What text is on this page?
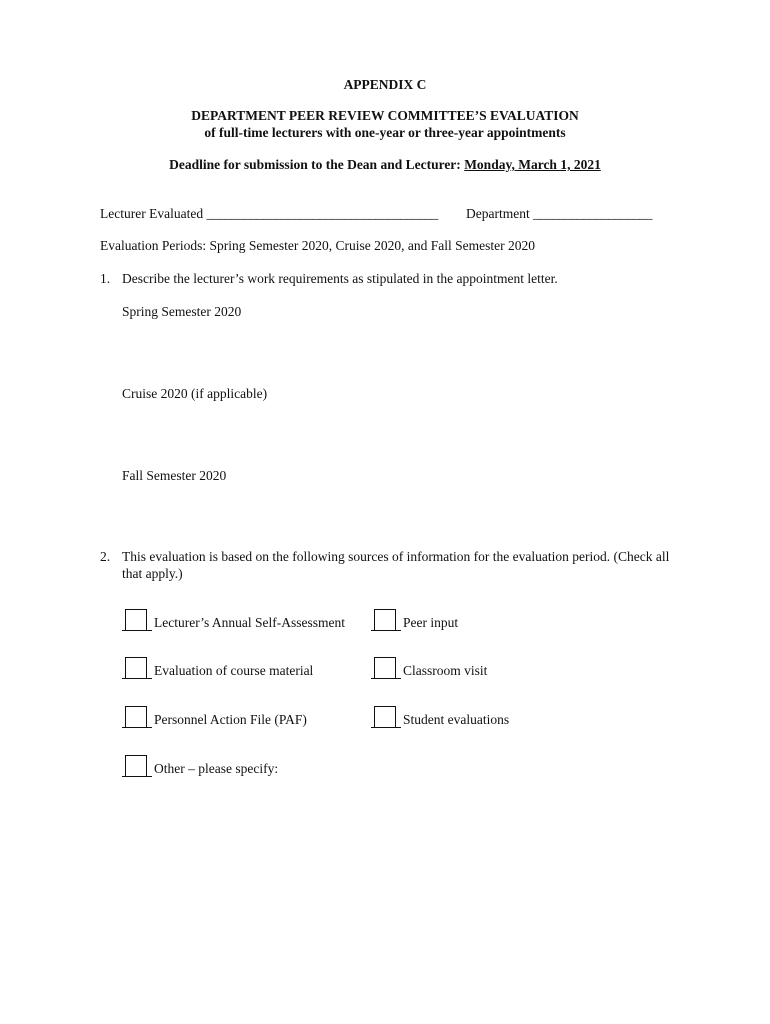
APPENDIX C
DEPARTMENT PEER REVIEW COMMITTEE’S EVALUATION
of full-time lecturers with one-year or three-year appointments
Deadline for submission to the Dean and Lecturer: Monday, March 1, 2021
Lecturer Evaluated _____________________________________ Department ___________________
Evaluation Periods: Spring Semester 2020, Cruise 2020, and Fall Semester 2020
1. Describe the lecturer’s work requirements as stipulated in the appointment letter.
Spring Semester 2020
Cruise 2020 (if applicable)
Fall Semester 2020
2. This evaluation is based on the following sources of information for the evaluation period. (Check all
that apply.)
Lecturer’s Annual Self-Assessment
Evaluation of course material
Personnel Action File (PAF)
Other – please specify:
Peer input
Classroom visit
Student evaluations
